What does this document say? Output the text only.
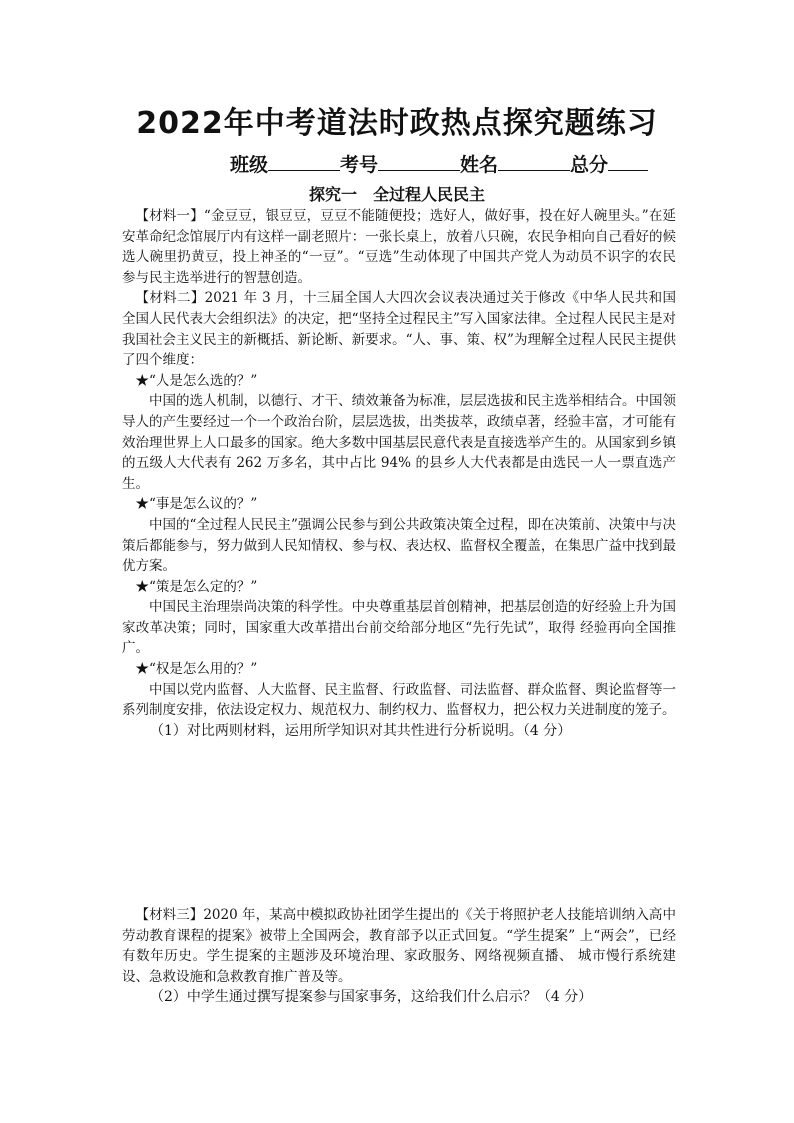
2022年中考道法时政热点探究题练习
班级	考号	姓名	总分
探究一　全过程人民民主

【材料一】“金豆豆，银豆豆，豆豆不能随便投；选好人，做好事，投在好人碗里头。”在延安革命纪念馆展厅内有这样一副老照片：一张长桌上，放着八只碗，农民争相向自己看好的候选人碗里扔黄豆，投上神圣的“一豆”。“豆选”生动体现了中国共产党人为动员不识字的农民参与民主选举进行的智慧创造。

【材料二】2021 年 3 月，十三届全国人大四次会议表决通过关于修改《中华人民共和国全国人民代表大会组织法》的决定，把“坚持全过程民主”写入国家法律。全过程人民民主是对我国社会主义民主的新概括、新论断、新要求。“人、事、策、权”为理解全过程人民民主提供了四个维度：

★“人是怎么选的？”

中国的选人机制，以德行、才干、绩效兼备为标准，层层选拔和民主选举相结合。中国领导人的产生要经过一个一个政治台阶，层层选拔，出类拔萃，政绩卓著，经验丰富，才可能有效治理世界上人口最多的国家。绝大多数中国基层民意代表是直接选举产生的。从国家到乡镇的五级人大代表有 262 万多名，其中占比 94% 的县乡人大代表都是由选民一人一票直选产生。

★“事是怎么议的？”

中国的“全过程人民民主”强调公民参与到公共政策决策全过程，即在决策前、决策中与决策后都能参与，努力做到人民知情权、参与权、表达权、监督权全覆盖，在集思广益中找到最优方案。

★“策是怎么定的？”

中国民主治理崇尚决策的科学性。中央尊重基层首创精神，把基层创造的好经验上升为国家改革决策；同时，国家重大改革措出台前交给部分地区“先行先试”，取得 经验再向全国推广。

★“权是怎么用的？”

中国以党内监督、人大监督、民主监督、行政监督、司法监督、群众监督、舆论监督等一系列制度安排，依法设定权力、规范权力、制约权力、监督权力，把公权力关进制度的笼子。

（1）对比两则材料，运用所学知识对其共性进行分析说明。（4 分）

【材料三】2020 年，某高中模拟政协社团学生提出的《关于将照护老人技能培训纳入高中劳动教育课程的提案》被带上全国两会，教育部予以正式回复。“学生提案” 上“两会”，已经有数年历史。学生提案的主题涉及环境治理、家政服务、网络视频直播、 城市慢行系统建设、急救设施和急救教育推广普及等。

（2）中学生通过撰写提案参与国家事务，这给我们什么启示？（4 分）
